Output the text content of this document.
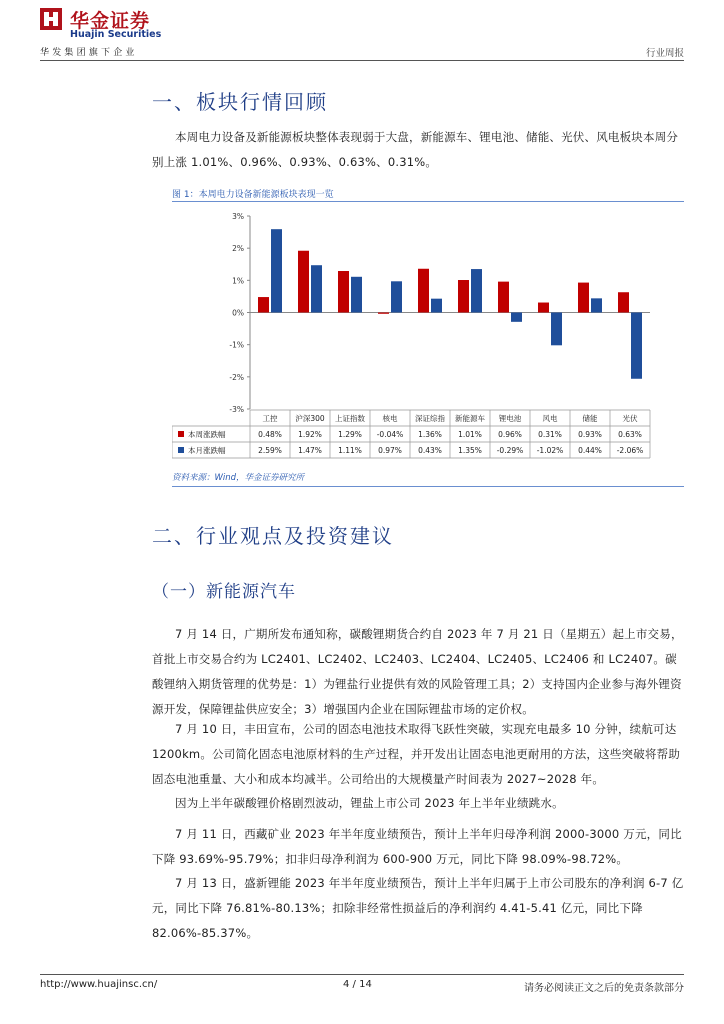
华金证券
Huajin Securities
华发集团旗下企业	行业周报
一、板块行情回顾

本周电力设备及新能源板块整体表现弱于大盘，新能源车、锂电池、储能、光伏、风电板块本周分别上涨 1.01%、0.96%、0.93%、0.63%、0.31%。

图 1：本周电力设备新能源板块表现一览
3%
2%
1%
0%
-1%
-2%
-3%
工控 沪深300 上证指数 核电 深证综指 新能源车 锂电池	风电	储能	光伏
本周涨跌幅	0.48% 1.92% 1.29% -0.04% 1.36% 1.01% 0.96% 0.31% 0.93% 0.63%
本月涨跌幅	2.59% 1.47% 1.11% 0.97% 0.43% 1.35% -0.29% -1.02% 0.44% -2.06%
资料来源：Wind，华金证券研究所
二、行业观点及投资建议
（一）新能源汽车

7 月 14 日，广期所发布通知称，碳酸锂期货合约自 2023 年 7 月 21 日（星期五）起上市交易，首批上市交易合约为 LC2401、LC2402、LC2403、LC2404、LC2405、LC2406 和 LC2407。碳酸锂纳入期货管理的优势是：1）为锂盐行业提供有效的风险管理工具；2）支持国内企业参与海外锂资源开发，保障锂盐供应安全；3）增强国内企业在国际锂盐市场的定价权。

7 月 10 日，丰田宣布，公司的固态电池技术取得飞跃性突破，实现充电最多 10 分钟，续航可达 1200km。公司简化固态电池原材料的生产过程，并开发出让固态电池更耐用的方法，这些突破将帮助固态电池重量、大小和成本均减半。公司给出的大规模量产时间表为 2027~2028 年。

因为上半年碳酸锂价格剧烈波动，锂盐上市公司 2023 年上半年业绩跳水。

7 月 11 日，西藏矿业 2023 年半年度业绩预告，预计上半年归母净利润 2000-3000 万元，同比下降 93.69%-95.79%；扣非归母净利润为 600-900 万元，同比下降 98.09%-98.72%。

7 月 13 日，盛新锂能 2023 年半年度业绩预告，预计上半年归属于上市公司股东的净利润 6-7 亿元，同比下降 76.81%-80.13%；扣除非经常性损益后的净利润约 4.41-5.41 亿元，同比下降 82.06%-85.37%。

http://www.huajinsc.cn/	4 / 14	请务必阅读正文之后的免责条款部分
